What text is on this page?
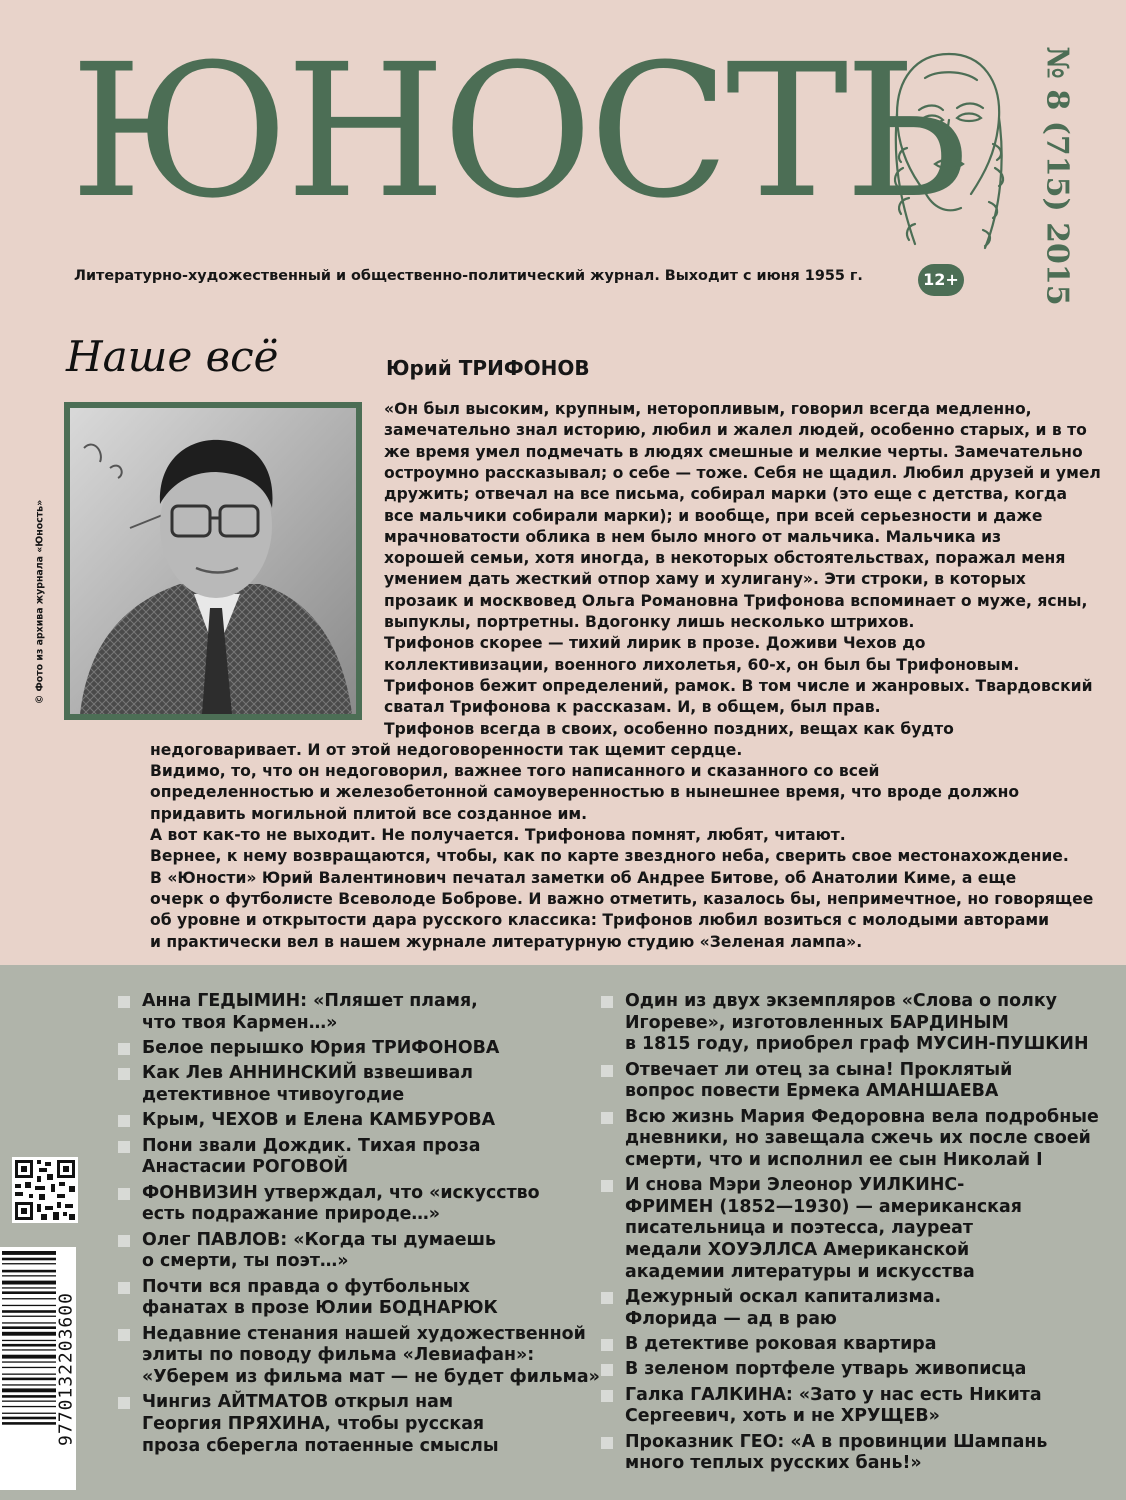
ЮНОСТЬ	№ 8 (715) 2015
Литературно-художественный и общественно-политический журнал. Выходит с июня 1955 г.	12+
Наше всё	Юрий ТРИФОНОВ
© Фото из архива журнала «Юность»
«Он был высоким, крупным, неторопливым, говорил всегда медленно,
замечательно знал историю, любил и жалел людей, особенно старых, и в то
же время умел подмечать в людях смешные и мелкие черты. Замечательно
остроумно рассказывал; о себе — тоже. Себя не щадил. Любил друзей и умел
дружить; отвечал на все письма, собирал марки (это еще с детства, когда
все мальчики собирали марки); и вообще, при всей серьезности и даже
мрачноватости облика в нем было много от мальчика. Мальчика из
хорошей семьи, хотя иногда, в некоторых обстоятельствах, поражал меня
умением дать жесткий отпор хаму и хулигану». Эти строки, в которых
прозаик и москвовед Ольга Романовна Трифонова вспоминает о муже, ясны,
выпуклы, портретны. Вдогонку лишь несколько штрихов.
Трифонов скорее — тихий лирик в прозе. Доживи Чехов до
коллективизации, военного лихолетья, 60-х, он был бы Трифоновым.
Трифонов бежит определений, рамок. В том числе и жанровых. Твардовский
сватал Трифонова к рассказам. И, в общем, был прав.
Трифонов всегда в своих, особенно поздних, вещах как будто
недоговаривает. И от этой недоговоренности так щемит сердце.
Видимо, то, что он недоговорил, важнее того написанного и сказанного со всей
определенностью и железобетонной самоуверенностью в нынешнее время, что вроде должно
придавить могильной плитой все созданное им.
А вот как-то не выходит. Не получается. Трифонова помнят, любят, читают.
Вернее, к нему возвращаются, чтобы, как по карте звездного неба, сверить свое местонахождение.
В «Юности» Юрий Валентинович печатал заметки об Андрее Битове, об Анатолии Киме, а еще
очерк о футболисте Всеволоде Боброве. И важно отметить, казалось бы, непримечтное, но говорящее
об уровне и открытости дара русского классика: Трифонов любил возиться с молодыми авторами
и практически вел в нашем журнале литературную студию «Зеленая лампа».
Анна ГЕДЫМИН: «Пляшет пламя,
что твоя Кармен…»
Белое перышко Юрия ТРИФОНОВА
Как Лев АННИНСКИЙ взвешивал
детективное чтивоугодие
Крым, ЧЕХОВ и Елена КАМБУРОВА
Пони звали Дождик. Тихая проза
Анастасии РОГОВОЙ
ФОНВИЗИН утверждал, что «искусство
есть подражание природе…»
Олег ПАВЛОВ: «Когда ты думаешь
о смерти, ты поэт…»
Почти вся правда о футбольных
фанатах в прозе Юлии БОДНАРЮК
Недавние стенания нашей художественной
элиты по поводу фильма «Левиафан»:
«Уберем из фильма мат — не будет фильма»
Чингиз АЙТМАТОВ открыл нам
Георгия ПРЯХИНА, чтобы русская
проза сберегла потаенные смыслы
Один из двух экземпляров «Слова о полку
Игореве», изготовленных БАРДИНЫМ
в 1815 году, приобрел граф МУСИН-ПУШКИН
Отвечает ли отец за сына! Проклятый
вопрос повести Ермека АМАНШАЕВА
Всю жизнь Мария Федоровна вела подробные
дневники, но завещала сжечь их после своей
смерти, что и исполнил ее сын Николай I
И снова Мэри Элеонор УИЛКИНС-
ФРИМЕН (1852—1930) — американская
писательница и поэтесса, лауреат
медали ХОУЭЛЛСА Американской
академии литературы и искусства
Дежурный оскал капитализма.
Флорида — ад в раю
В детективе роковая квартира
В зеленом портфеле утварь живописца
Галка ГАЛКИНА: «Зато у нас есть Никита
Сергеевич, хоть и не ХРУЩЕВ»
Проказник ГЕО: «А в провинции Шампань
много теплых русских бань!»
9770132203600
